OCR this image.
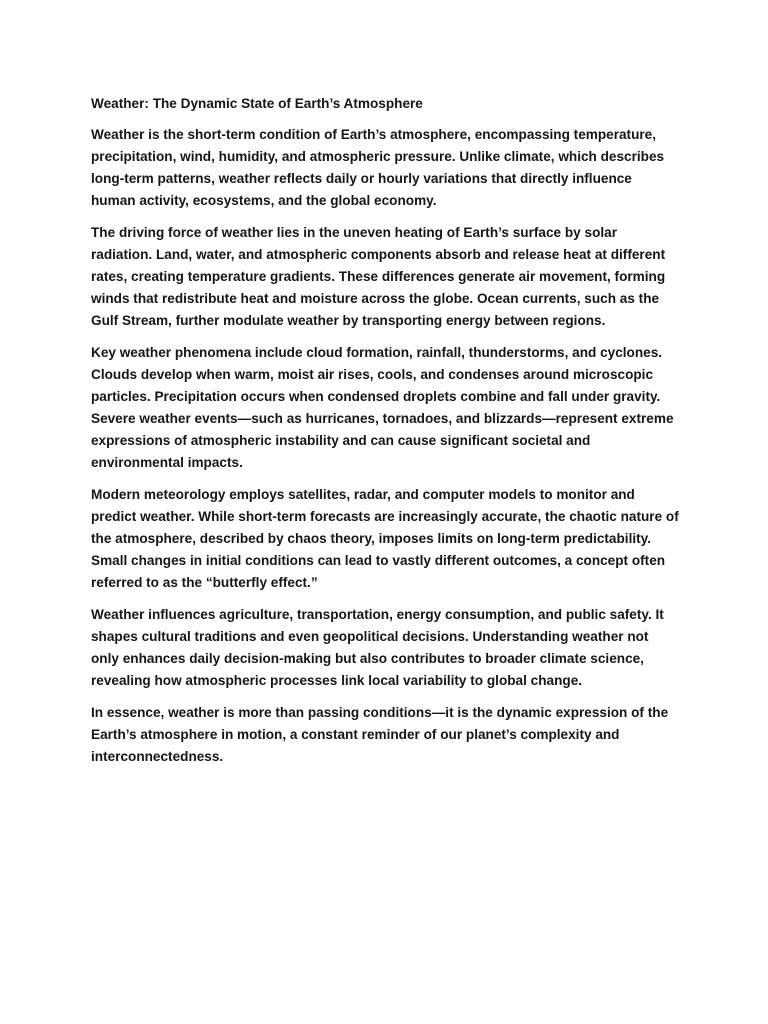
Weather: The Dynamic State of Earth’s Atmosphere

Weather is the short-term condition of Earth’s atmosphere, encompassing temperature, precipitation, wind, humidity, and atmospheric pressure. Unlike climate, which describes long-term patterns, weather reflects daily or hourly variations that directly influence human activity, ecosystems, and the global economy.

The driving force of weather lies in the uneven heating of Earth’s surface by solar radiation. Land, water, and atmospheric components absorb and release heat at different rates, creating temperature gradients. These differences generate air movement, forming winds that redistribute heat and moisture across the globe. Ocean currents, such as the Gulf Stream, further modulate weather by transporting energy between regions.

Key weather phenomena include cloud formation, rainfall, thunderstorms, and cyclones. Clouds develop when warm, moist air rises, cools, and condenses around microscopic particles. Precipitation occurs when condensed droplets combine and fall under gravity. Severe weather events—such as hurricanes, tornadoes, and blizzards—represent extreme expressions of atmospheric instability and can cause significant societal and environmental impacts.

Modern meteorology employs satellites, radar, and computer models to monitor and predict weather. While short-term forecasts are increasingly accurate, the chaotic nature of the atmosphere, described by chaos theory, imposes limits on long-term predictability. Small changes in initial conditions can lead to vastly different outcomes, a concept often referred to as the “butterfly effect.”

Weather influences agriculture, transportation, energy consumption, and public safety. It shapes cultural traditions and even geopolitical decisions. Understanding weather not only enhances daily decision-making but also contributes to broader climate science, revealing how atmospheric processes link local variability to global change.

In essence, weather is more than passing conditions—it is the dynamic expression of the Earth’s atmosphere in motion, a constant reminder of our planet’s complexity and interconnectedness.
